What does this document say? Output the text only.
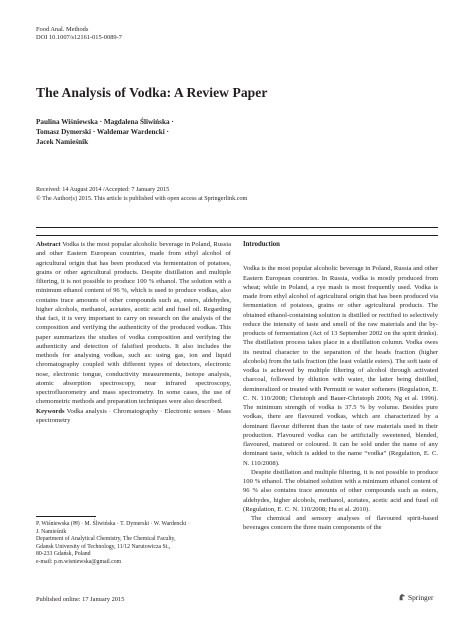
Food Anal. Methods
DOI 10.1007/s12161-015-0089-7
The Analysis of Vodka: A Review Paper
Paulina Wiśniewska · Magdalena Śliwińska ·
Tomasz Dymerski · Waldemar Wardencki ·
Jacek Namieśnik
Received: 14 August 2014 /Accepted: 7 January 2015
© The Author(s) 2015. This article is published with open access at Springerlink.com

Abstract Vodka is the most popular alcoholic beverage in Poland, Russia and other Eastern European countries, made from ethyl alcohol of agricultural origin that has been produced via fermentation of potatoes, grains or other agricultural products. Despite distillation and multiple filtering, it is not possible to produce 100 % ethanol. The solution with a minimum ethanol content of 96 %, which is used to produce vodkas, also contains trace amounts of other compounds such as, esters, aldehydes, higher alcohols, methanol, acetates, acetic acid and fusel oil. Regarding that fact, it is very important to carry on research on the analysis of the composition and verifying the authenticity of the produced vodkas. This paper summarizes the studies of vodka composition and verifying the authenticity and detection of falsified products. It also includes the methods for analysing vodkas, such as: using gas, ion and liquid chromatography coupled with different types of detectors, electronic nose, electronic tongue, conductivity measurements, isotope analysis, atomic absorption spectroscopy, near infrared spectroscopy, spectrofluorometry and mass spectrometry. In some cases, the use of chemometric methods and preparation techniques were also described.

Keywords Vodka analysis · Chromatography · Electronic senses · Mass spectrometry

P. Wiśniewska (✉) · M. Śliwińska · T. Dymerski · W. Wardencki ·
J. Namieśnik
Department of Analytical Chemistry, The Chemical Faculty,
Gdansk University of Technology, 11/12 Narutowicza St.,
80-233 Gdańsk, Poland
e-mail: p.m.wisniewska@gmail.com
Introduction

Vodka is the most popular alcoholic beverage in Poland, Russia and other Eastern European countries. In Russia, vodka is mostly produced from wheat; while in Poland, a rye mash is most frequently used. Vodka is made from ethyl alcohol of agricultural origin that has been produced via fermentation of potatoes, grains or other agricultural products. The obtained ethanol-containing solution is distilled or rectified to selectively reduce the intensity of taste and smell of the raw materials and the by-products of fermentation (Act of 13 September 2002 on the spirit drinks). The distillation process takes place in a distillation column. Vodka owes its neutral character to the separation of the heads fraction (higher alcohols) from the tails fraction (the least volatile esters). The soft taste of vodka is achieved by multiple filtering of alcohol through activated charcoal, followed by dilution with water, the latter being distilled, demineralized or treated with Permutit or water softeners (Regulation, E. C. N. 110/2008; Christoph and Bauer-Christoph 2006; Ng et al. 1996). The minimum strength of vodka is 37.5 % by volume. Besides pure vodkas, there are flavoured vodkas, which are characterized by a dominant flavour different than the taste of raw materials used in their production. Flavoured vodka can be artificially sweetened, blended, flavoured, matured or coloured. It can be sold under the name of any dominant taste, which is added to the name “vodka” (Regulation, E. C. N. 110/2008).

Despite distillation and multiple filtering, it is not possible to produce 100 % ethanol. The obtained solution with a minimum ethanol content of 96 % also contains trace amounts of other compounds such as esters, aldehydes, higher alcohols, methanol, acetates, acetic acid and fusel oil (Regulation, E. C. N. 110/2008; Hu et al. 2010).

The chemical and sensory analyses of flavoured spirit-based beverages concern the three main components of the

Published online: 17 January 2015	Springer
